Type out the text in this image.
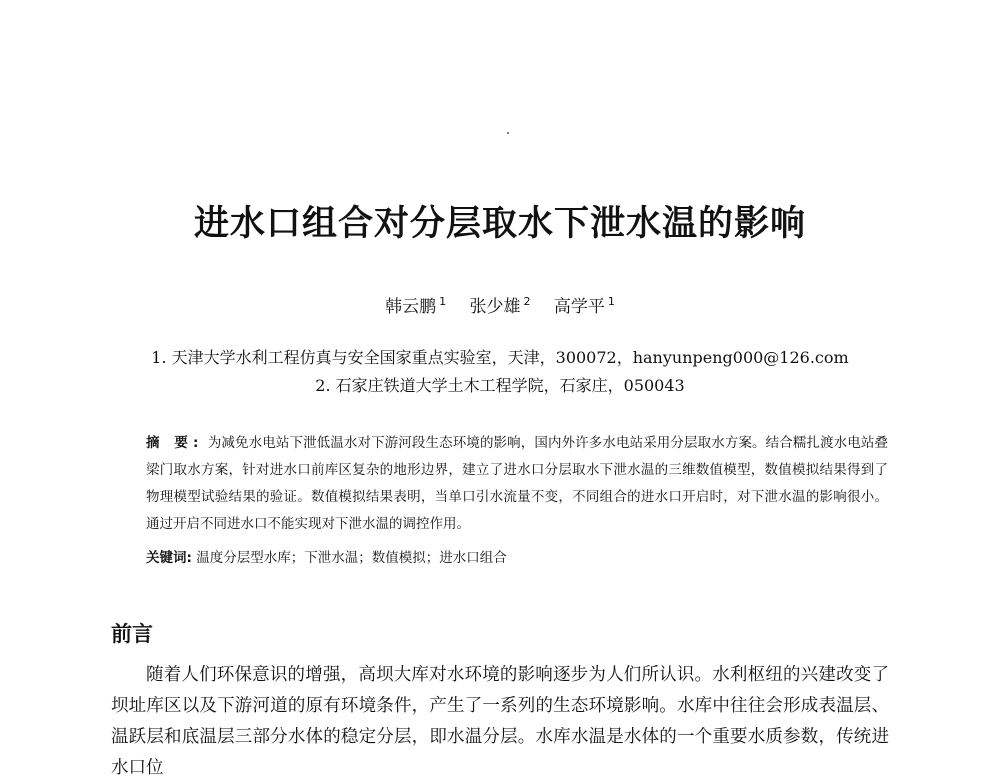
进水口组合对分层取水下泄水温的影响
韩云鹏 $^1$ 张少雄 $^2$ 高学平 $^1$
1. 天津大学水利工程仿真与安全国家重点实验室，天津，300072，hanyunpeng000@126.com
2. 石家庄铁道大学土木工程学院，石家庄，050043
摘 要: 为减免水电站下泄低温水对下游河段生态环境的影响，国内外许多水电站采用分层取水方案。结合糯扎渡水电站叠梁门取水方案，针对进水口前库区复杂的地形边界，建立了进水口分层取水下泄水温的三维数值模型，数值模拟结果得到了物理模型试验结果的验证。数值模拟结果表明，当单口引水流量不变，不同组合的进水口开启时，对下泄水温的影响很小。通过开启不同进水口不能实现对下泄水温的调控作用。
关键词: 温度分层型水库；下泄水温；数值模拟；进水口组合
前言
随着人们环保意识的增强，高坝大库对水环境的影响逐步为人们所认识。水利枢纽的兴建改变了坝址库区以及下游河道的原有环境条件，产生了一系列的生态环境影响。水库中往往会形成表温层、温跃层和底温层三部分水体的稳定分层，即水温分层。水库水温是水体的一个重要水质参数，传统进水口位
